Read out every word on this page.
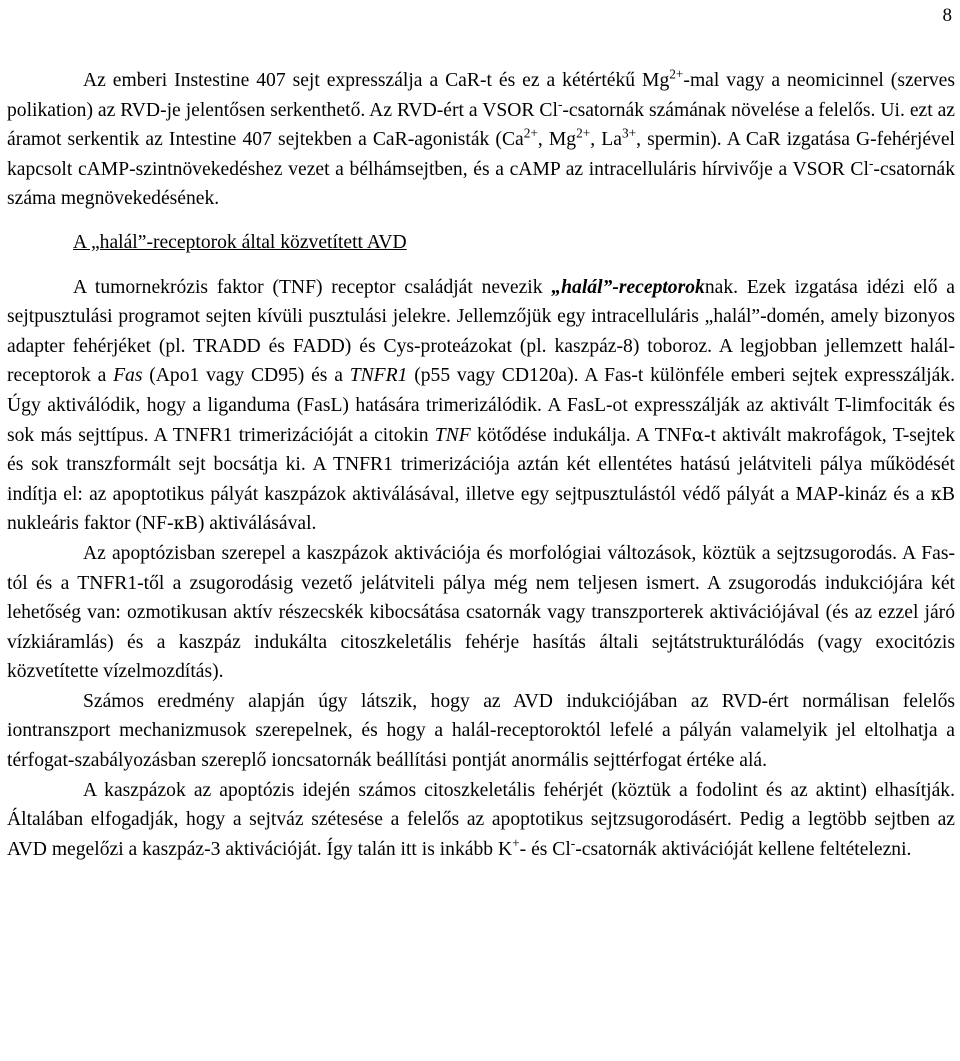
8

Az emberi Instestine 407 sejt expresszálja a CaR-t és ez a kétértékű $Mg^{2+}$-mal vagy a neomicinnel (szerves polikation) az RVD-je jelentősen serkenthető. Az RVD-ért a VSOR Cl--csatornák számának növelése a felelős. Ui. ezt az áramot serkentik az Intestine 407 sejtekben a CaR-agonisták ($Ca^{2+}$, $Mg^{2+}$, $La^{3+}$, spermin). A CaR izgatása G-fehérjével kapcsolt cAMP-szintnövekedéshez vezet a bélhámsejtben, és a cAMP az intracelluláris hírvivője a VSOR Cl--csatornák száma megnövekedésének.

A „halál”-receptorok által közvetített AVD

A tumornekrózis faktor (TNF) receptor családját nevezik „halál”-receptoroknak. Ezek izgatása idézi elő a sejtpusztulási programot sejten kívüli pusztulási jelekre. Jellemzőjük egy intracelluláris „halál”-domén, amely bizonyos adapter fehérjéket (pl. TRADD és FADD) és Cys-proteázokat (pl. kaszpáz-8) toboroz. A legjobban jellemzett halál-receptorok a Fas (Apo1 vagy CD95) és a TNFR1 (p55 vagy CD120a). A Fas-t különféle emberi sejtek expresszálják. Úgy aktiválódik, hogy a liganduma (FasL) hatására trimerizálódik. A FasL-ot expresszálják az aktivált T-limfociták és sok más sejttípus. A TNFR1 trimerizációját a citokin TNF kötődése indukálja. A TNFα-t aktivált makrofágok, T-sejtek és sok transzformált sejt bocsátja ki. A TNFR1 trimerizációja aztán két ellentétes hatású jelátviteli pálya működését indítja el: az apoptotikus pályát kaszpázok aktiválásával, illetve egy sejtpusztulástól védő pályát a MAP-kináz és a κB nukleáris faktor (NF-κB) aktiválásával.

Az apoptózisban szerepel a kaszpázok aktivációja és morfológiai változások, köztük a sejtzsugorodás. A Fas-tól és a TNFR1-től a zsugorodásig vezető jelátviteli pálya még nem teljesen ismert. A zsugorodás indukciójára két lehetőség van: ozmotikusan aktív részecskék kibocsátása csatornák vagy transzporterek aktivációjával (és az ezzel járó vízkiáramlás) és a kaszpáz indukálta citoszkeletális fehérje hasítás általi sejtátstrukturálódás (vagy exocitózis közvetítette vízelmozdítás).

Számos eredmény alapján úgy látszik, hogy az AVD indukciójában az RVD-ért normálisan felelős iontranszport mechanizmusok szerepelnek, és hogy a halál-receptoroktól lefelé a pályán valamelyik jel eltolhatja a térfogat-szabályozásban szereplő ioncsatornák beállítási pontját anormális sejttérfogat értéke alá.

A kaszpázok az apoptózis idején számos citoszkeletális fehérjét (köztük a fodolint és az aktint) elhasítják. Általában elfogadják, hogy a sejtváz szétesése a felelős az apoptotikus sejtzsugorodásért. Pedig a legtöbb sejtben az AVD megelőzi a kaszpáz-3 aktivációját. Így talán itt is inkább K+- és Cl--csatornák aktivációját kellene feltételezni.
